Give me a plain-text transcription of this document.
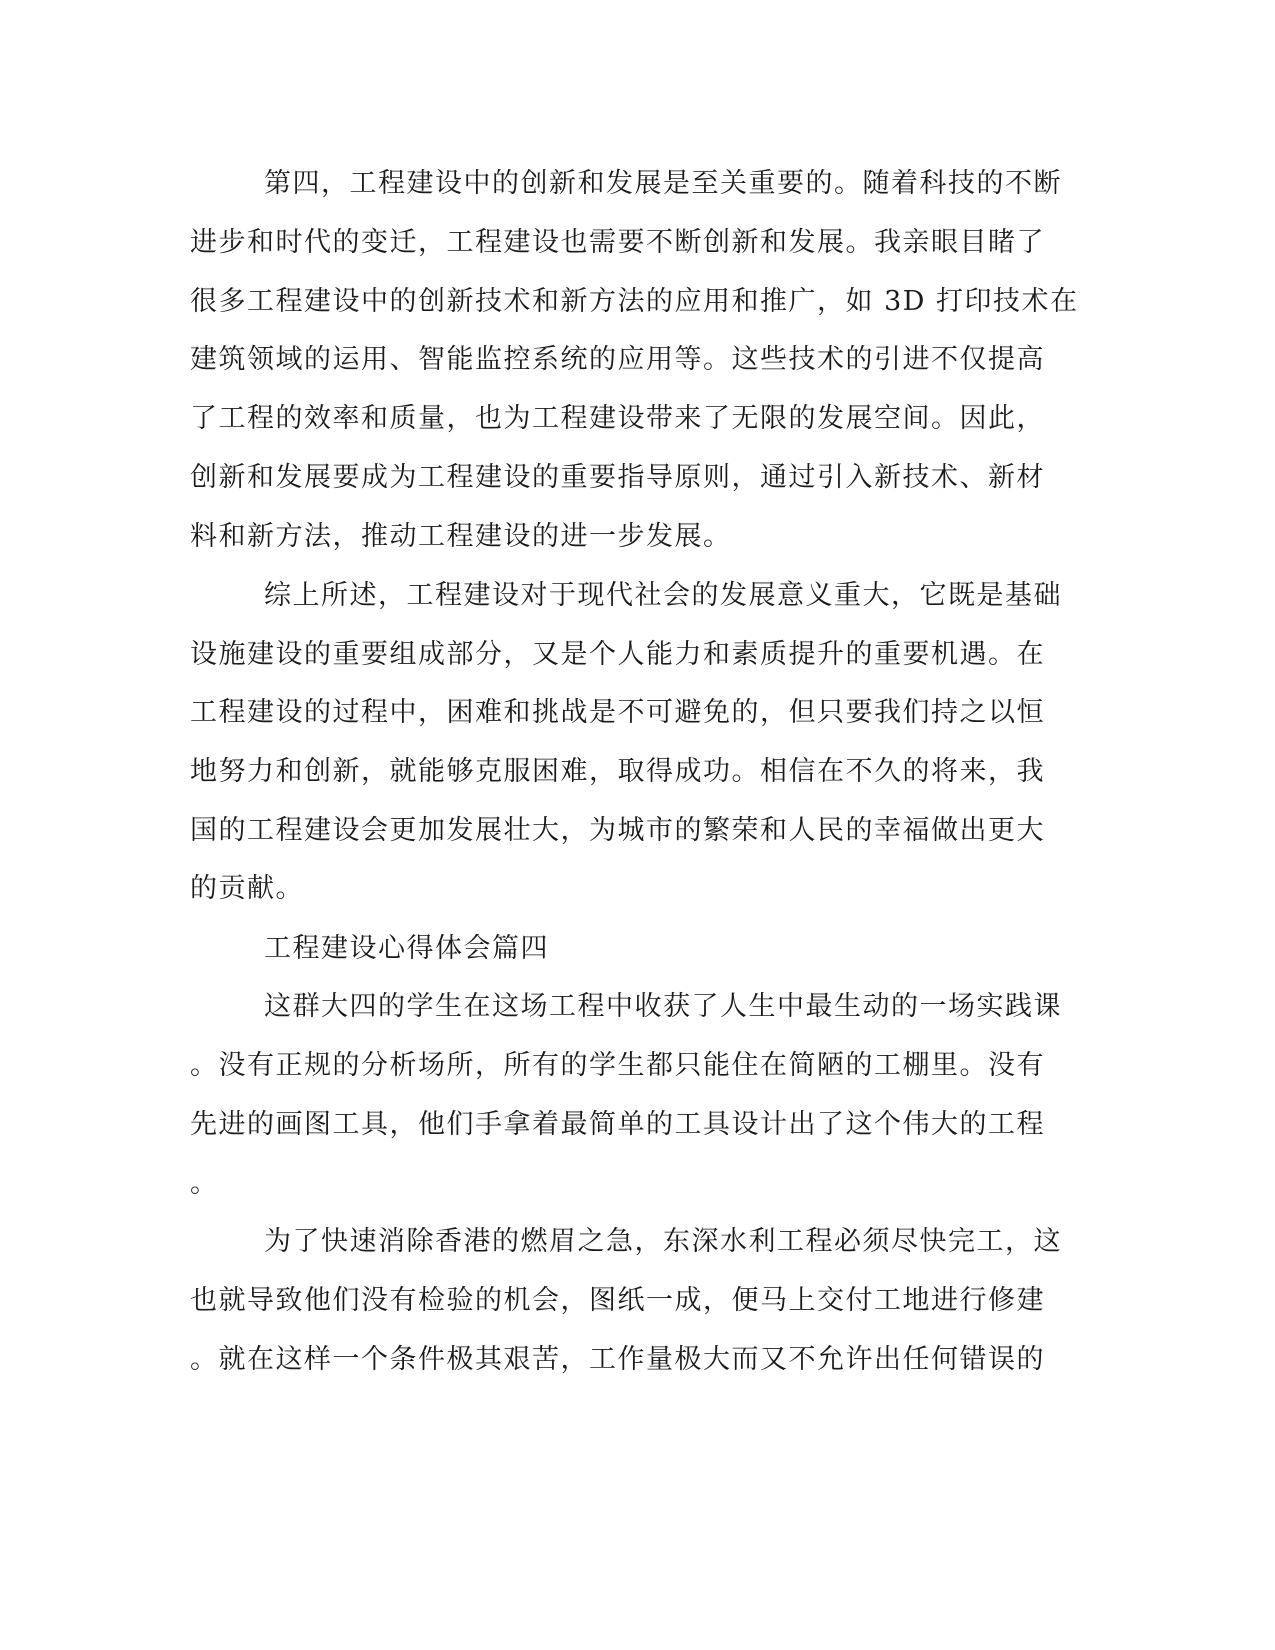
第四，工程建设中的创新和发展是至关重要的。随着科技的不断
进步和时代的变迁，工程建设也需要不断创新和发展。我亲眼目睹了
很多工程建设中的创新技术和新方法的应用和推广，如 3D 打印技术在
建筑领域的运用、智能监控系统的应用等。这些技术的引进不仅提高
了工程的效率和质量，也为工程建设带来了无限的发展空间。因此，
创新和发展要成为工程建设的重要指导原则，通过引入新技术、新材
料和新方法，推动工程建设的进一步发展。
综上所述，工程建设对于现代社会的发展意义重大，它既是基础
设施建设的重要组成部分，又是个人能力和素质提升的重要机遇。在
工程建设的过程中，困难和挑战是不可避免的，但只要我们持之以恒
地努力和创新，就能够克服困难，取得成功。相信在不久的将来，我
国的工程建设会更加发展壮大，为城市的繁荣和人民的幸福做出更大
的贡献。
工程建设心得体会篇四
这群大四的学生在这场工程中收获了人生中最生动的一场实践课
。没有正规的分析场所，所有的学生都只能住在简陋的工棚里。没有
先进的画图工具，他们手拿着最简单的工具设计出了这个伟大的工程
。
为了快速消除香港的燃眉之急，东深水利工程必须尽快完工，这
也就导致他们没有检验的机会，图纸一成，便马上交付工地进行修建
。就在这样一个条件极其艰苦，工作量极大而又不允许出任何错误的
